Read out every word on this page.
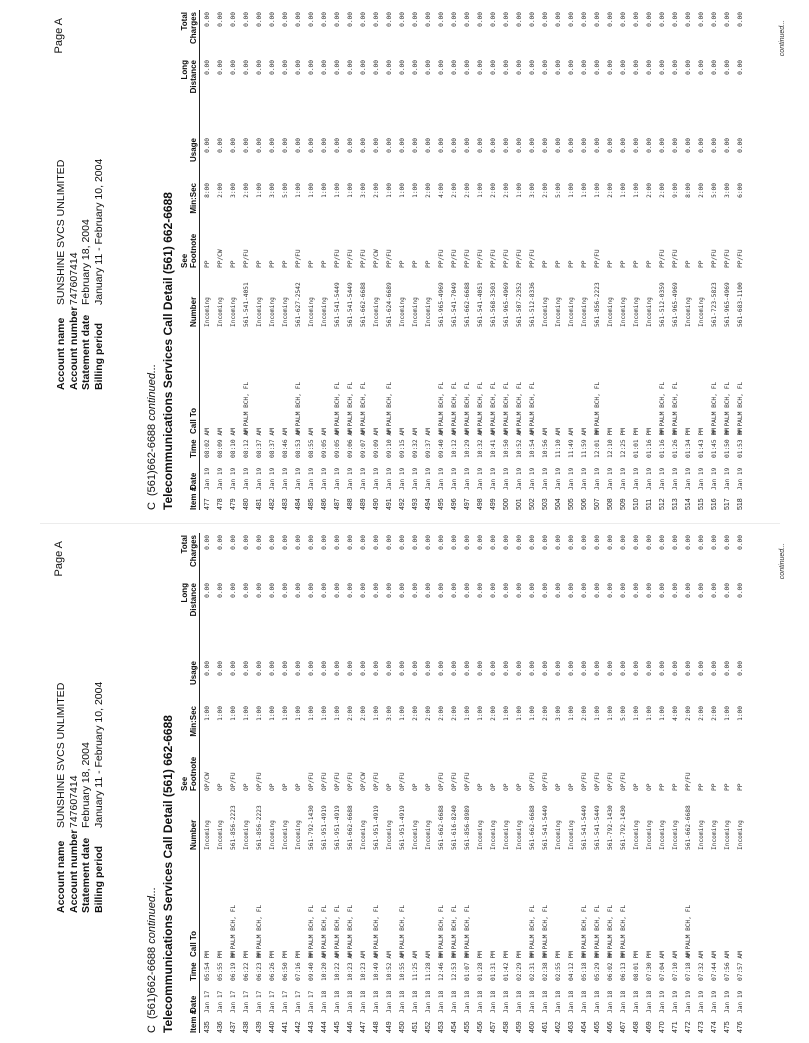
Page A
Account name
SUNSHINE SVCS UNLIMITED
Account number
747607414
Statement date
February 18, 2004
Billing period
January 11 - February 10, 2004
C(561)662-6688 continued... Telecommunications Services Call Detail (561) 662-6688 Item #
Date
Time
Call To
Number
See Footnote
Min:Sec
Usage
Long Distance
Total Charges
435
Jan 17
05:54 PM
Incoming
OP/CW
1:00
0.00
0.00
0.00
436
Jan 17
05:55 PM
Incoming
OP
1:00
0.00
0.00
0.00
437
Jan 17
06:19 PM
W PALM BCH, FL
561-856-2223
OP/FU
1:00
0.00
0.00
0.00
438
Jan 17
06:22 PM
Incoming
OP
1:00
0.00
0.00
0.00
439
Jan 17
06:23 PM
W PALM BCH, FL
561-856-2223
OP/FU
1:00
0.00
0.00
0.00
440
Jan 17
06:26 PM
Incoming
OP
1:00
0.00
0.00
0.00
441
Jan 17
06:50 PM
Incoming
OP
1:00
0.00
0.00
0.00
442
Jan 17
07:16 PM
Incoming
OP
1:00
0.00
0.00
0.00
443
Jan 17
09:40 PM
W PALM BCH, FL
561-792-1430
OP/FU
1:00
0.00
0.00
0.00
444
Jan 18
10:20 AM
W PALM BCH, FL
561-951-4919
OP/FU
1:00
0.00
0.00
0.00
445
Jan 18
10:22 AM
W PALM BCH, FL
561-951-4919
OP/FU
1:00
0.00
0.00
0.00
446
Jan 18
10:23 AM
W PALM BCH, FL
561-662-6688
OP/FU
2:00
0.00
0.00
0.00
447
Jan 18
10:23 AM
Incoming
OP/CW
2:00
0.00
0.00
0.00
448
Jan 18
10:49 AM
W PALM BCH, FL
561-951-4919
OP/FU
1:00
0.00
0.00
0.00
449
Jan 18
10:52 AM
Incoming
OP
3:00
0.00
0.00
0.00
450
Jan 18
10:55 AM
W PALM BCH, FL
561-951-4919
OP/FU
1:00
0.00
0.00
0.00
451
Jan 18
11:25 AM
Incoming
OP
2:00
0.00
0.00
0.00
452
Jan 18
11:28 AM
Incoming
OP
2:00
0.00
0.00
0.00
453
Jan 18
12:46 PM
W PALM BCH, FL
561-662-6688
OP/FU
2:00
0.00
0.00
0.00
454
Jan 18
12:53 PM
W PALM BCH, FL
561-616-8240
OP/FU
2:00
0.00
0.00
0.00
455
Jan 18
01:07 PM
W PALM BCH, FL
561-856-8989
OP/FU
1:00
0.00
0.00
0.00
456
Jan 18
01:28 PM
Incoming
OP
1:00
0.00
0.00
0.00
457
Jan 18
01:31 PM
Incoming
OP
2:00
0.00
0.00
0.00
458
Jan 18
01:42 PM
Incoming
OP
1:00
0.00
0.00
0.00
459
Jan 18
02:29 PM
Incoming
OP
1:00
0.00
0.00
0.00
460
Jan 18
02:31 PM
W PALM BCH, FL
561-662-6688
OP/FU
1:00
0.00
0.00
0.00
461
Jan 18
02:38 PM
W PALM BCH, FL
561-541-5449
OP/FU
2:00
0.00
0.00
0.00
462
Jan 18
02:55 PM
Incoming
OP
3:00
0.00
0.00
0.00
463
Jan 18
04:12 PM
Incoming
OP
1:00
0.00
0.00
0.00
464
Jan 18
05:18 PM
W PALM BCH, FL
561-541-5449
OP/FU
2:00
0.00
0.00
0.00
465
Jan 18
05:29 PM
W PALM BCH, FL
561-541-5449
OP/FU
1:00
0.00
0.00
0.00
466
Jan 18
06:02 PM
W PALM BCH, FL
561-792-1430
OP/FU
1:00
0.00
0.00
0.00
467
Jan 18
06:13 PM
W PALM BCH, FL
561-792-1430
OP/FU
5:00
0.00
0.00
0.00
468
Jan 18
08:01 PM
Incoming
OP
1:00
0.00
0.00
0.00
469
Jan 18
07:30 PM
Incoming
OP
1:00
0.00
0.00
0.00
470
Jan 19
07:04 AM
Incoming
PP
1:00
0.00
0.00
0.00
471
Jan 19
07:10 AM
Incoming
PP
4:00
0.00
0.00
0.00
472
Jan 19
07:18 AM
W PALM BCH, FL
561-662-6688
PP/FU
2:00
0.00
0.00
0.00
473
Jan 19
07:32 AM
Incoming
PP
2:00
0.00
0.00
0.00
474
Jan 19
07:44 AM
Incoming
PP
2:00
0.00
0.00
0.00
475
Jan 19
07:56 AM
Incoming
PP
1:00
0.00
0.00
0.00
476
Jan 19
07:57 AM
Incoming
PP
1:00
0.00
0.00
0.00
continued...
Page A
Account name
SUNSHINE SVCS UNLIMITED
Account number
747607414
Statement date
February 18, 2004
Billing period
January 11 - February 10, 2004
C(561)662-6688 continued... Telecommunications Services Call Detail (561) 662-6688 Item #
Date
Time
Call To
Number
See Footnote
Min:Sec
Usage
Long Distance
Total Charges
477
Jan 19
08:02 AM
Incoming
PP
8:00
0.00
0.00
0.00
478
Jan 19
08:09 AM
Incoming
PP/CW
2:00
0.00
0.00
0.00
479
Jan 19
08:10 AM
Incoming
PP
3:00
0.00
0.00
0.00
480
Jan 19
08:12 AM
W PALM BCH, FL
561-541-4051
PP/FU
2:00
0.00
0.00
0.00
481
Jan 19
08:37 AM
Incoming
PP
1:00
0.00
0.00
0.00
482
Jan 19
08:37 AM
Incoming
PP
3:00
0.00
0.00
0.00
483
Jan 19
08:46 AM
Incoming
PP
5:00
0.00
0.00
0.00
484
Jan 19
08:53 AM
W PALM BCH, FL
561-627-2542
PP/FU
1:00
0.00
0.00
0.00
485
Jan 19
08:55 AM
Incoming
PP
1:00
0.00
0.00
0.00
486
Jan 19
09:05 AM
Incoming
PP
1:00
0.00
0.00
0.00
487
Jan 19
09:05 AM
W PALM BCH, FL
561-541-5449
PP/FU
1:00
0.00
0.00
0.00
488
Jan 19
09:06 AM
W PALM BCH, FL
561-541-5449
PP/FU
1:00
0.00
0.00
0.00
489
Jan 19
09:07 AM
W PALM BCH, FL
561-662-6688
PP/FU
3:00
0.00
0.00
0.00
490
Jan 19
09:09 AM
Incoming
PP/CW
2:00
0.00
0.00
0.00
491
Jan 19
09:10 AM
W PALM BCH, FL
561-624-6689
PP/FU
1:00
0.00
0.00
0.00
492
Jan 19
09:15 AM
Incoming
PP
1:00
0.00
0.00
0.00
493
Jan 19
09:32 AM
Incoming
PP
1:00
0.00
0.00
0.00
494
Jan 19
09:37 AM
Incoming
PP
2:00
0.00
0.00
0.00
495
Jan 19
09:40 AM
W PALM BCH, FL
561-965-4969
PP/FU
4:00
0.00
0.00
0.00
496
Jan 19
10:12 AM
W PALM BCH, FL
561-541-7049
PP/FU
2:00
0.00
0.00
0.00
497
Jan 19
10:29 AM
W PALM BCH, FL
561-662-6688
PP/FU
2:00
0.00
0.00
0.00
498
Jan 19
10:32 AM
W PALM BCH, FL
561-541-4051
PP/FU
1:00
0.00
0.00
0.00
499
Jan 19
10:41 AM
W PALM BCH, FL
561-568-3503
PP/FU
2:00
0.00
0.00
0.00
500
Jan 19
10:50 AM
W PALM BCH, FL
561-965-4969
PP/FU
2:00
0.00
0.00
0.00
501
Jan 19
10:52 AM
W PALM BCH, FL
561-507-2352
PP/FU
1:00
0.00
0.00
0.00
502
Jan 19
10:54 AM
W PALM BCH, FL
561-512-8336
PP/FU
3:00
0.00
0.00
0.00
503
Jan 19
10:56 AM
Incoming
PP
2:00
0.00
0.00
0.00
504
Jan 19
11:10 AM
Incoming
PP
5:00
0.00
0.00
0.00
505
Jan 19
11:49 AM
Incoming
PP
1:00
0.00
0.00
0.00
506
Jan 19
11:59 AM
Incoming
PP
1:00
0.00
0.00
0.00
507
Jan 19
12:01 PM
W PALM BCH, FL
561-856-2223
PP/FU
1:00
0.00
0.00
0.00
508
Jan 19
12:10 PM
Incoming
PP
2:00
0.00
0.00
0.00
509
Jan 19
12:25 PM
Incoming
PP
1:00
0.00
0.00
0.00
510
Jan 19
01:01 PM
Incoming
PP
1:00
0.00
0.00
0.00
511
Jan 19
01:16 PM
Incoming
PP
2:00
0.00
0.00
0.00
512
Jan 19
01:16 PM
W PALM BCH, FL
561-512-0359
PP/FU
2:00
0.00
0.00
0.00
513
Jan 19
01:26 PM
W PALM BCH, FL
561-965-4969
PP/FU
9:00
0.00
0.00
0.00
514
Jan 19
01:34 PM
Incoming
PP
8:00
0.00
0.00
0.00
515
Jan 19
01:43 PM
Incoming
PP
2:00
0.00
0.00
0.00
516
Jan 19
01:45 PM
W PALM BCH, FL
561-723-5823
PP/FU
5:00
0.00
0.00
0.00
517
Jan 19
01:50 PM
W PALM BCH, FL
561-965-4969
PP/FU
3:00
0.00
0.00
0.00
518
Jan 19
01:53 PM
W PALM BCH, FL
561-683-1100
PP/FU
6:00
0.00
0.00
0.00
continued...
